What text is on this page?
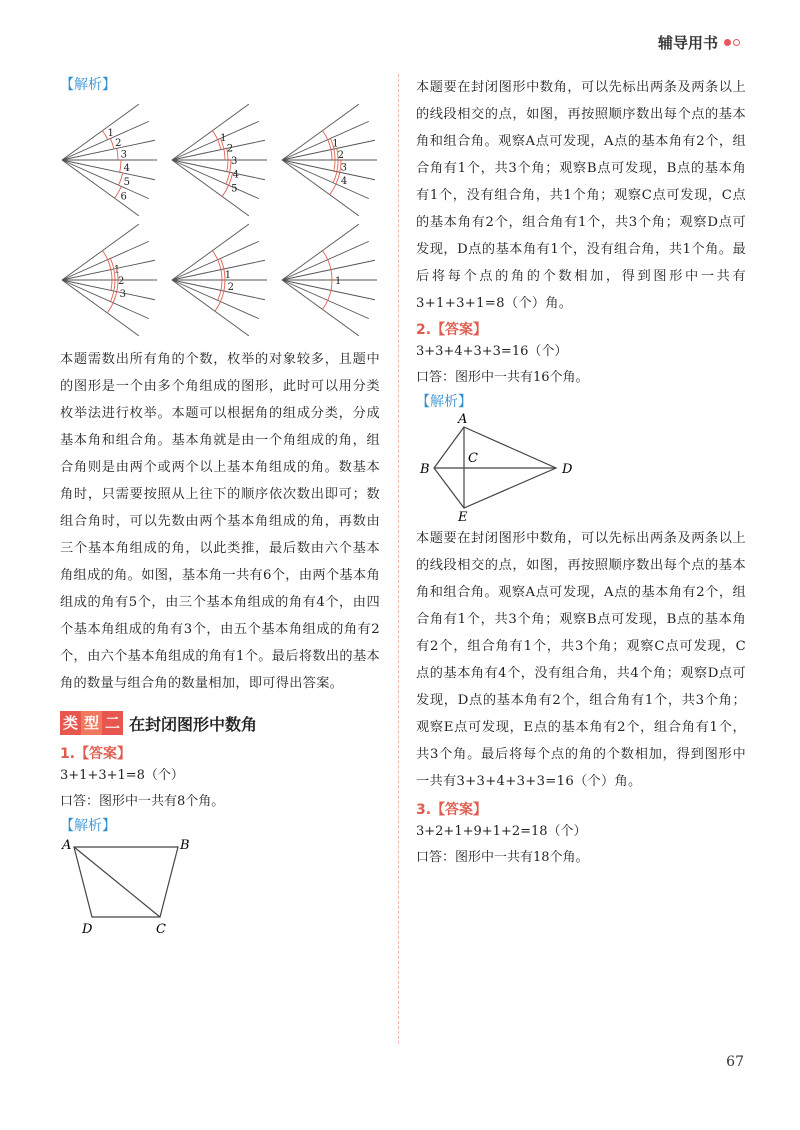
辅导用书
【解析】
1
2
3
4
5
6
1
2
3
4
5
1
2
3
4
1
2
3
1
2
1

本题需数出所有角的个数，枚举的对象较多，且题中的图形是一个由多个角组成的图形，此时可以用分类枚举法进行枚举。本题可以根据角的组成分类，分成基本角和组合角。基本角就是由一个角组成的角，组合角则是由两个或两个以上基本角组成的角。数基本角时，只需要按照从上往下的顺序依次数出即可；数组合角时，可以先数由两个基本角组成的角，再数由三个基本角组成的角，以此类推，最后数由六个基本角组成的角。如图，基本角一共有6个，由两个基本角组成的角有5个，由三个基本角组成的角有4个，由四个基本角组成的角有3个，由五个基本角组成的角有2个，由六个基本角组成的角有1个。最后将数出的基本角的数量与组合角的数量相加，即可得出答案。

类 型 二 在封闭图形中数角
1.【答案】
3+1+3+1=8（个）
口答：图形中一共有8个角。
【解析】
A	B
C
D

本题要在封闭图形中数角，可以先标出两条及两条以上的线段相交的点，如图，再按照顺序数出每个点的基本角和组合角。观察A点可发现，A点的基本角有2个，组合角有1个，共3个角；观察B点可发现，B点的基本角有1个，没有组合角，共1个角；观察C点可发现，C点的基本角有2个，组合角有1个，共3个角；观察D点可发现，D点的基本角有1个，没有组合角，共1个角。最后将每个点的角的个数相加，得到图形中一共有3+1+3+1=8（个）角。

2.【答案】
3+3+4+3+3=16（个）
口答：图形中一共有16个角。
【解析】
A
B
C
D
E

本题要在封闭图形中数角，可以先标出两条及两条以上的线段相交的点，如图，再按照顺序数出每个点的基本角和组合角。观察A点可发现，A点的基本角有2个，组合角有1个，共3个角；观察B点可发现，B点的基本角有2个，组合角有1个，共3个角；观察C点可发现，C点的基本角有4个，没有组合角，共4个角；观察D点可发现，D点的基本角有2个，组合角有1个，共3个角；观察E点可发现，E点的基本角有2个，组合角有1个，共3个角。最后将每个点的角的个数相加，得到图形中一共有3+3+4+3+3=16（个）角。

3.【答案】
3+2+1+9+1+2=18（个）
口答：图形中一共有18个角。
67
